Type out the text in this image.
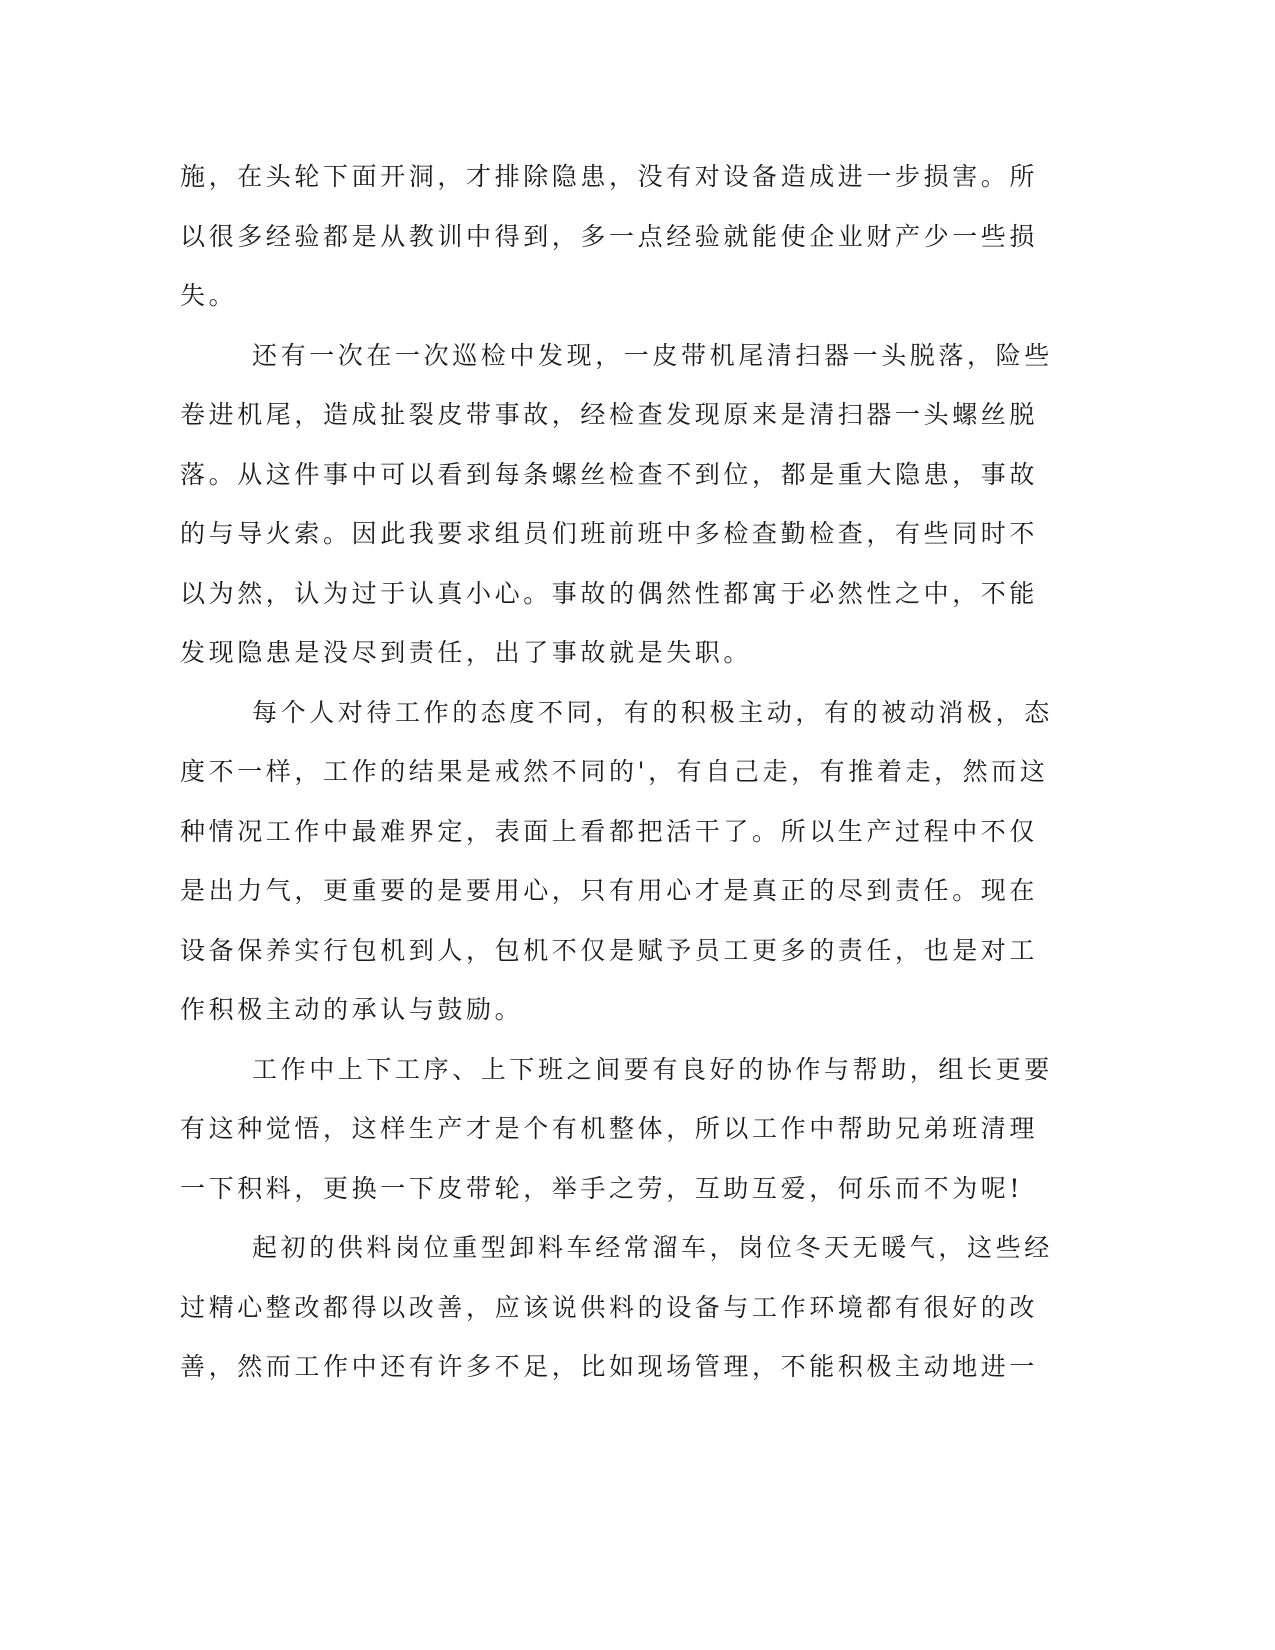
施，在头轮下面开洞，才排除隐患，没有对设备造成进一步损害。所
以很多经验都是从教训中得到，多一点经验就能使企业财产少一些损
失。
还有一次在一次巡检中发现，一皮带机尾清扫器一头脱落，险些
卷进机尾，造成扯裂皮带事故，经检查发现原来是清扫器一头螺丝脱
落。从这件事中可以看到每条螺丝检查不到位，都是重大隐患，事故
的与导火索。因此我要求组员们班前班中多检查勤检查，有些同时不
以为然，认为过于认真小心。事故的偶然性都寓于必然性之中，不能
发现隐患是没尽到责任，出了事故就是失职。
每个人对待工作的态度不同，有的积极主动，有的被动消极，态
度不一样，工作的结果是戒然不同的'，有自己走，有推着走，然而这
种情况工作中最难界定，表面上看都把活干了。所以生产过程中不仅
是出力气，更重要的是要用心，只有用心才是真正的尽到责任。现在
设备保养实行包机到人，包机不仅是赋予员工更多的责任，也是对工
作积极主动的承认与鼓励。
工作中上下工序、上下班之间要有良好的协作与帮助，组长更要
有这种觉悟，这样生产才是个有机整体，所以工作中帮助兄弟班清理
一下积料，更换一下皮带轮，举手之劳，互助互爱，何乐而不为呢!
起初的供料岗位重型卸料车经常溜车，岗位冬天无暖气，这些经
过精心整改都得以改善，应该说供料的设备与工作环境都有很好的改
善，然而工作中还有许多不足，比如现场管理，不能积极主动地进一
